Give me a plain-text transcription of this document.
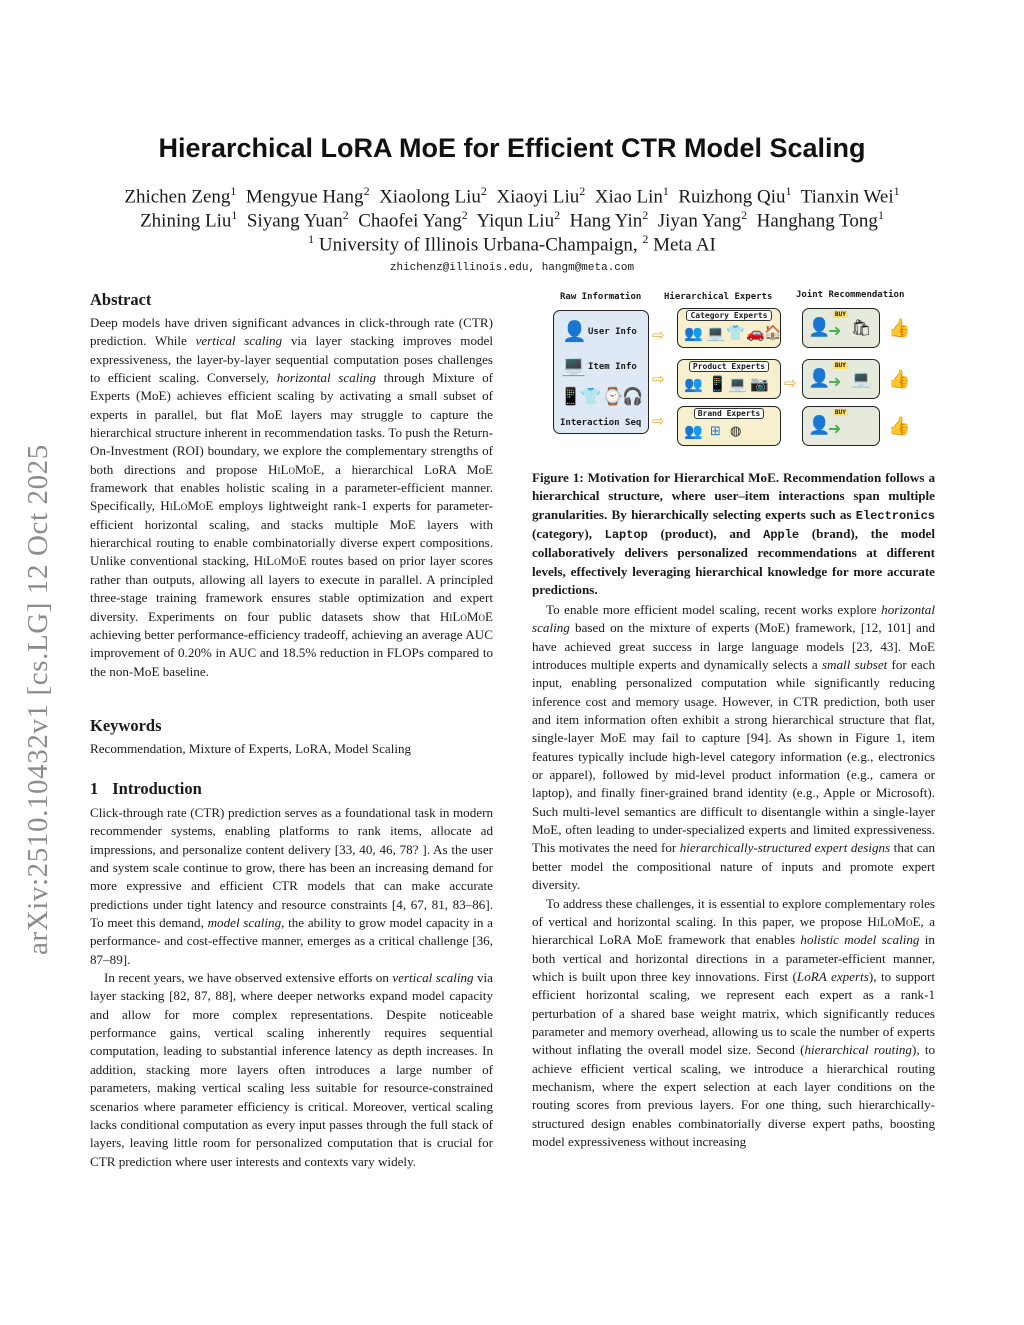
arXiv:2510.10432v1 [cs.LG] 12 Oct 2025
Hierarchical LoRA MoE for Efficient CTR Model Scaling
Zhichen Zeng$^1$ Mengyue Hang$^2$ Xiaolong Liu$^2$ Xiaoyi Liu$^2$ Xiao Lin$^1$ Ruizhong Qiu$^1$ Tianxin Wei$^1$
Zhining Liu$^1$ Siyang Yuan$^2$ Chaofei Yang$^2$ Yiqun Liu$^2$ Hang Yin$^2$ Jiyan Yang$^2$ Hanghang Tong$^1$
$^1$ University of Illinois Urbana-Champaign, $^2$ Meta AI
zhichenz@illinois.edu, hangm@meta.com
Abstract

Deep models have driven significant advances in click-through rate (CTR) prediction. While vertical scaling via layer stacking improves model expressiveness, the layer-by-layer sequential computation poses challenges to efficient scaling. Conversely, horizontal scaling through Mixture of Experts (MoE) achieves efficient scaling by activating a small subset of experts in parallel, but flat MoE layers may struggle to capture the hierarchical structure inherent in recommendation tasks. To push the Return-On-Investment (ROI) boundary, we explore the complementary strengths of both directions and propose HiLoMoE, a hierarchical LoRA MoE framework that enables holistic scaling in a parameter-efficient manner. Specifically, HiLoMoE employs lightweight rank-1 experts for parameter-efficient horizontal scaling, and stacks multiple MoE layers with hierarchical routing to enable combinatorially diverse expert compositions. Unlike conventional stacking, HiLoMoE routes based on prior layer scores rather than outputs, allowing all layers to execute in parallel. A principled three-stage training framework ensures stable optimization and expert diversity. Experiments on four public datasets show that HiLoMoE achieving better performance-efficiency tradeoff, achieving an average AUC improvement of 0.20% in AUC and 18.5% reduction in FLOPs compared to the non-MoE baseline.

Keywords
Recommendation, Mixture of Experts, LoRA, Model Scaling
1 Introduction

Click-through rate (CTR) prediction serves as a foundational task in modern recommender systems, enabling platforms to rank items, allocate ad impressions, and personalize content delivery [33, 40, 46, 78? ]. As the user and system scale continue to grow, there has been an increasing demand for more expressive and efficient CTR models that can make accurate predictions under tight latency and resource constraints [4, 67, 81, 83–86]. To meet this demand, model scaling, the ability to grow model capacity in a performance- and cost-effective manner, emerges as a critical challenge [36, 87–89].

In recent years, we have observed extensive efforts on vertical scaling via layer stacking [82, 87, 88], where deeper networks expand model capacity and allow for more complex representations. Despite noticeable performance gains, vertical scaling inherently requires sequential computation, leading to substantial inference latency as depth increases. In addition, stacking more layers often introduces a large number of parameters, making vertical scaling less suitable for resource-constrained scenarios where parameter efficiency is critical. Moreover, vertical scaling lacks conditional computation as every input passes through the full stack of layers, leaving little room for personalized computation that is crucial for CTR prediction where user interests and contexts vary widely.

Raw Information	Hierarchical Experts	Joint Recommendation
👤 User Info
💻 Item Info
📱
👕 ⌚
🎧
Interaction Seq
⇨
⇨
⇨
Category Experts
👥 💻 👕 🚗 🏠
Product Experts
👥 📱 💻 📷
Brand Experts
👥 ⊞ ◍
⇨
👤
➜
BUY
🛍
👤
➜
BUY
💻
👤
➜
BUY
👍
👍
👍
Figure 1: Motivation for Hierarchical MoE. Recommendation follows a hierarchical structure, where user–item interactions span multiple granularities. By hierarchically selecting experts such as Electronics (category), Laptop (product), and Apple (brand), the model collaboratively delivers personalized recommendations at different levels, effectively leveraging hierarchical knowledge for more accurate predictions.

To enable more efficient model scaling, recent works explore horizontal scaling based on the mixture of experts (MoE) framework, [12, 101] and have achieved great success in large language models [23, 43]. MoE introduces multiple experts and dynamically selects a small subset for each input, enabling personalized computation while significantly reducing inference cost and memory usage. However, in CTR prediction, both user and item information often exhibit a strong hierarchical structure that flat, single-layer MoE may fail to capture [94]. As shown in Figure 1, item features typically include high-level category information (e.g., electronics or apparel), followed by mid-level product information (e.g., camera or laptop), and finally finer-grained brand identity (e.g., Apple or Microsoft). Such multi-level semantics are difficult to disentangle within a single-layer MoE, often leading to under-specialized experts and limited expressiveness. This motivates the need for hierarchically-structured expert designs that can better model the compositional nature of inputs and promote expert diversity.

To address these challenges, it is essential to explore complementary roles of vertical and horizontal scaling. In this paper, we propose HiLoMoE, a hierarchical LoRA MoE framework that enables holistic model scaling in both vertical and horizontal directions in a parameter-efficient manner, which is built upon three key innovations. First (LoRA experts), to support efficient horizontal scaling, we represent each expert as a rank-1 perturbation of a shared base weight matrix, which significantly reduces parameter and memory overhead, allowing us to scale the number of experts without inflating the overall model size. Second (hierarchical routing), to achieve efficient vertical scaling, we introduce a hierarchical routing mechanism, where the expert selection at each layer conditions on the routing scores from previous layers. For one thing, such hierarchically-structured design enables combinatorially diverse expert paths, boosting model expressiveness without increasing
